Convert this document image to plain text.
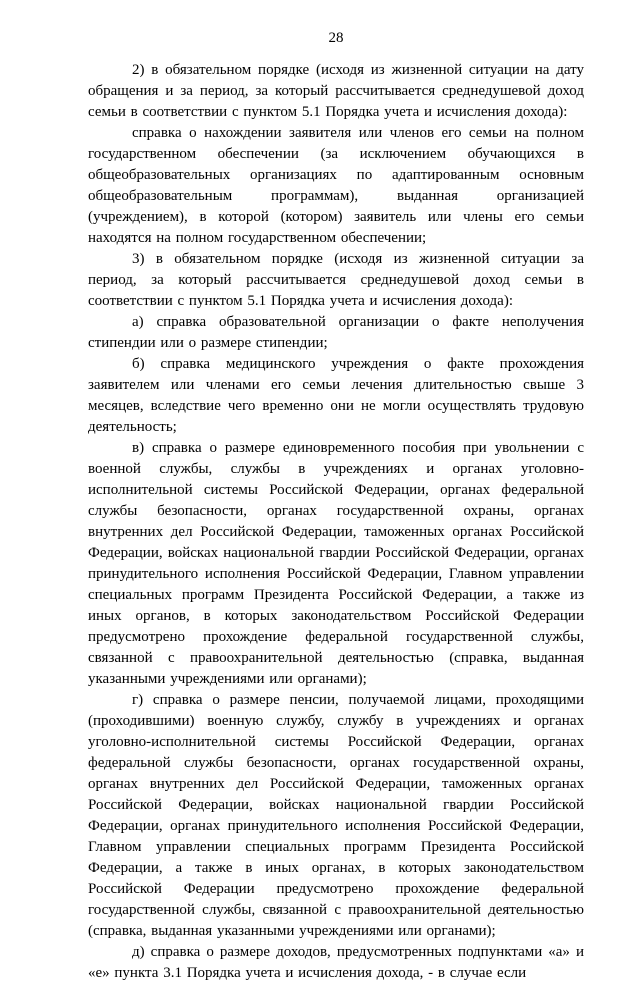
28

2) в обязательном порядке (исходя из жизненной ситуации на дату обращения и за период, за который рассчитывается среднедушевой доход семьи в соответствии с пунктом 5.1 Порядка учета и исчисления дохода):

справка о нахождении заявителя или членов его семьи на полном государственном обеспечении (за исключением обучающихся в общеобразовательных организациях по адаптированным основным общеобразовательным программам), выданная организацией (учреждением), в которой (котором) заявитель или члены его семьи находятся на полном государственном обеспечении;

3) в обязательном порядке (исходя из жизненной ситуации за период, за который рассчитывается среднедушевой доход семьи в соответствии с пунктом 5.1 Порядка учета и исчисления дохода):

а) справка образовательной организации о факте неполучения стипендии или о размере стипендии;

б) справка медицинского учреждения о факте прохождения заявителем или членами его семьи лечения длительностью свыше 3 месяцев, вследствие чего временно они не могли осуществлять трудовую деятельность;

в) справка о размере единовременного пособия при увольнении с военной службы, службы в учреждениях и органах уголовно-исполнительной системы Российской Федерации, органах федеральной службы безопасности, органах государственной охраны, органах внутренних дел Российской Федерации, таможенных органах Российской Федерации, войсках национальной гвардии Российской Федерации, органах принудительного исполнения Российской Федерации, Главном управлении специальных программ Президента Российской Федерации, а также из иных органов, в которых законодательством Российской Федерации предусмотрено прохождение федеральной государственной службы, связанной с правоохранительной деятельностью (справка, выданная указанными учреждениями или органами);

г) справка о размере пенсии, получаемой лицами, проходящими (проходившими) военную службу, службу в учреждениях и органах уголовно-исполнительной системы Российской Федерации, органах федеральной службы безопасности, органах государственной охраны, органах внутренних дел Российской Федерации, таможенных органах Российской Федерации, войсках национальной гвардии Российской Федерации, органах принудительного исполнения Российской Федерации, Главном управлении специальных программ Президента Российской Федерации, а также в иных органах, в которых законодательством Российской Федерации предусмотрено прохождение федеральной государственной службы, связанной с правоохранительной деятельностью (справка, выданная указанными учреждениями или органами);

д) справка о размере доходов, предусмотренных подпунктами «а» и «е» пункта 3.1 Порядка учета и исчисления дохода, - в случае если
